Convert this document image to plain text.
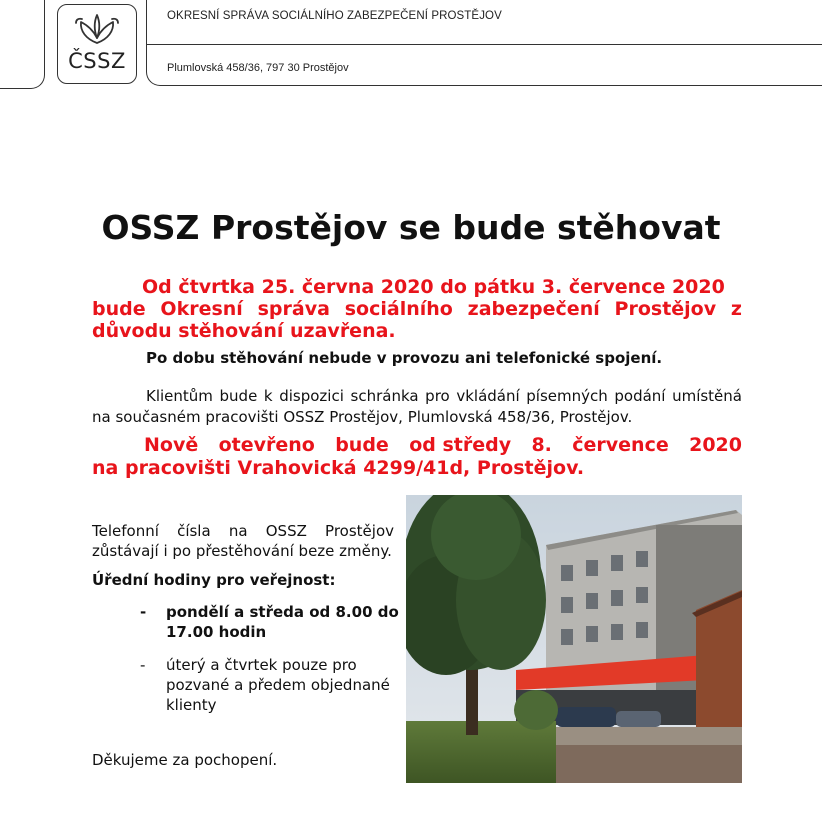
ČSSZ
OKRESNÍ SPRÁVA SOCIÁLNÍHO ZABEZPEČENÍ PROSTĚJOV
Plumlovská 458/36, 797 30 Prostějov
OSSZ Prostějov se bude stěhovat

Od čtvrtka 25. června 2020 do pátku 3. července 2020
bude Okresní správa sociálního zabezpečení Prostějov z důvodu stěhování uzavřena.

Po dobu stěhování nebude v provozu ani telefonické spojení.

Klientům bude k dispozici schránka pro vkládání písemných podání umístěná na současném pracovišti OSSZ Prostějov, Plumlovská 458/36, Prostějov.

Nově otevřeno bude od středy 8. července 2020
na pracovišti Vrahovická 4299/41d, Prostějov.

Telefonní čísla na OSSZ Prostějov zůstávají i po přestěhování beze změny.

Úřední hodiny pro veřejnost:

- pondělí a středa od 8.00 do 17.00 hodin
- úterý a čtvrtek pouze pro pozvané a předem objednané klienty

Děkujeme za pochopení.
